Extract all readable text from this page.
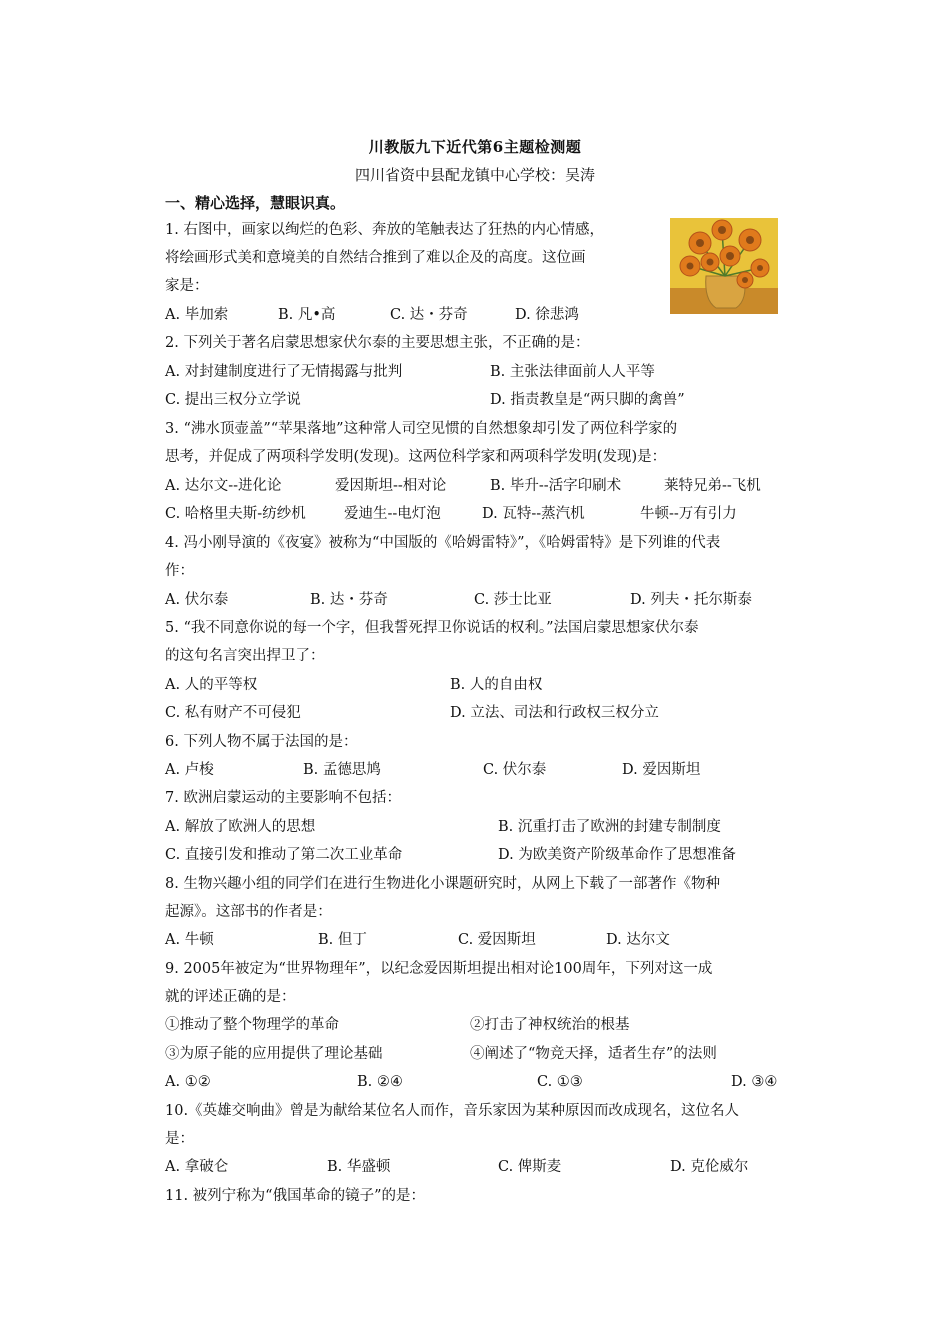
川教版九下近代第6主题检测题
四川省资中县配龙镇中心学校：吴涛
一、精心选择，慧眼识真。
1. 右图中，画家以绚烂的色彩、奔放的笔触表达了狂热的内心情感，
将绘画形式美和意境美的自然结合推到了难以企及的高度。这位画
家是：
A. 毕加索	B. 凡•高	C. 达・芬奇	D. 徐悲鸿
2. 下列关于著名启蒙思想家伏尔泰的主要思想主张，不正确的是：
A. 对封建制度进行了无情揭露与批判	B. 主张法律面前人人平等
C. 提出三权分立学说	D. 指责教皇是“两只脚的禽兽”
3. “沸水顶壶盖”“苹果落地”这种常人司空见惯的自然想象却引发了两位科学家的
思考，并促成了两项科学发明(发现)。这两位科学家和两项科学发明(发现)是：
A. 达尔文--进化论	爱因斯坦--相对论	B. 毕升--活字印刷术	莱特兄弟--飞机
C. 哈格里夫斯-纺纱机	爱迪生--电灯泡	D. 瓦特--蒸汽机	牛顿--万有引力
4. 冯小刚导演的《夜宴》被称为“中国版的《哈姆雷特》”，《哈姆雷特》是下列谁的代表
作：
A. 伏尔泰	B. 达・芬奇	C. 莎士比亚	D. 列夫・托尔斯泰
5. “我不同意你说的每一个字，但我誓死捍卫你说话的权利。”法国启蒙思想家伏尔泰
的这句名言突出捍卫了：
A. 人的平等权	B. 人的自由权
C. 私有财产不可侵犯	D. 立法、司法和行政权三权分立
6. 下列人物不属于法国的是：
A. 卢梭	B. 孟德思鸠	C. 伏尔泰	D. 爱因斯坦
7. 欧洲启蒙运动的主要影响不包括：
A. 解放了欧洲人的思想	B. 沉重打击了欧洲的封建专制制度
C. 直接引发和推动了第二次工业革命	D. 为欧美资产阶级革命作了思想准备
8. 生物兴趣小组的同学们在进行生物进化小课题研究时，从网上下载了一部著作《物种
起源》。这部书的作者是：
A. 牛顿	B. 但丁	C. 爱因斯坦	D. 达尔文
9. 2005年被定为“世界物理年”，以纪念爱因斯坦提出相对论100周年，下列对这一成
就的评述正确的是：
①推动了整个物理学的革命	②打击了神权统治的根基
③为原子能的应用提供了理论基础	④阐述了“物竞天择，适者生存”的法则
A. ①②	B. ②④	C. ①③	D. ③④
10.《英雄交响曲》曾是为献给某位名人而作，音乐家因为某种原因而改成现名，这位名人
是：
A. 拿破仑	B. 华盛顿	C. 俾斯麦	D. 克伦威尔
11. 被列宁称为“俄国革命的镜子”的是：
